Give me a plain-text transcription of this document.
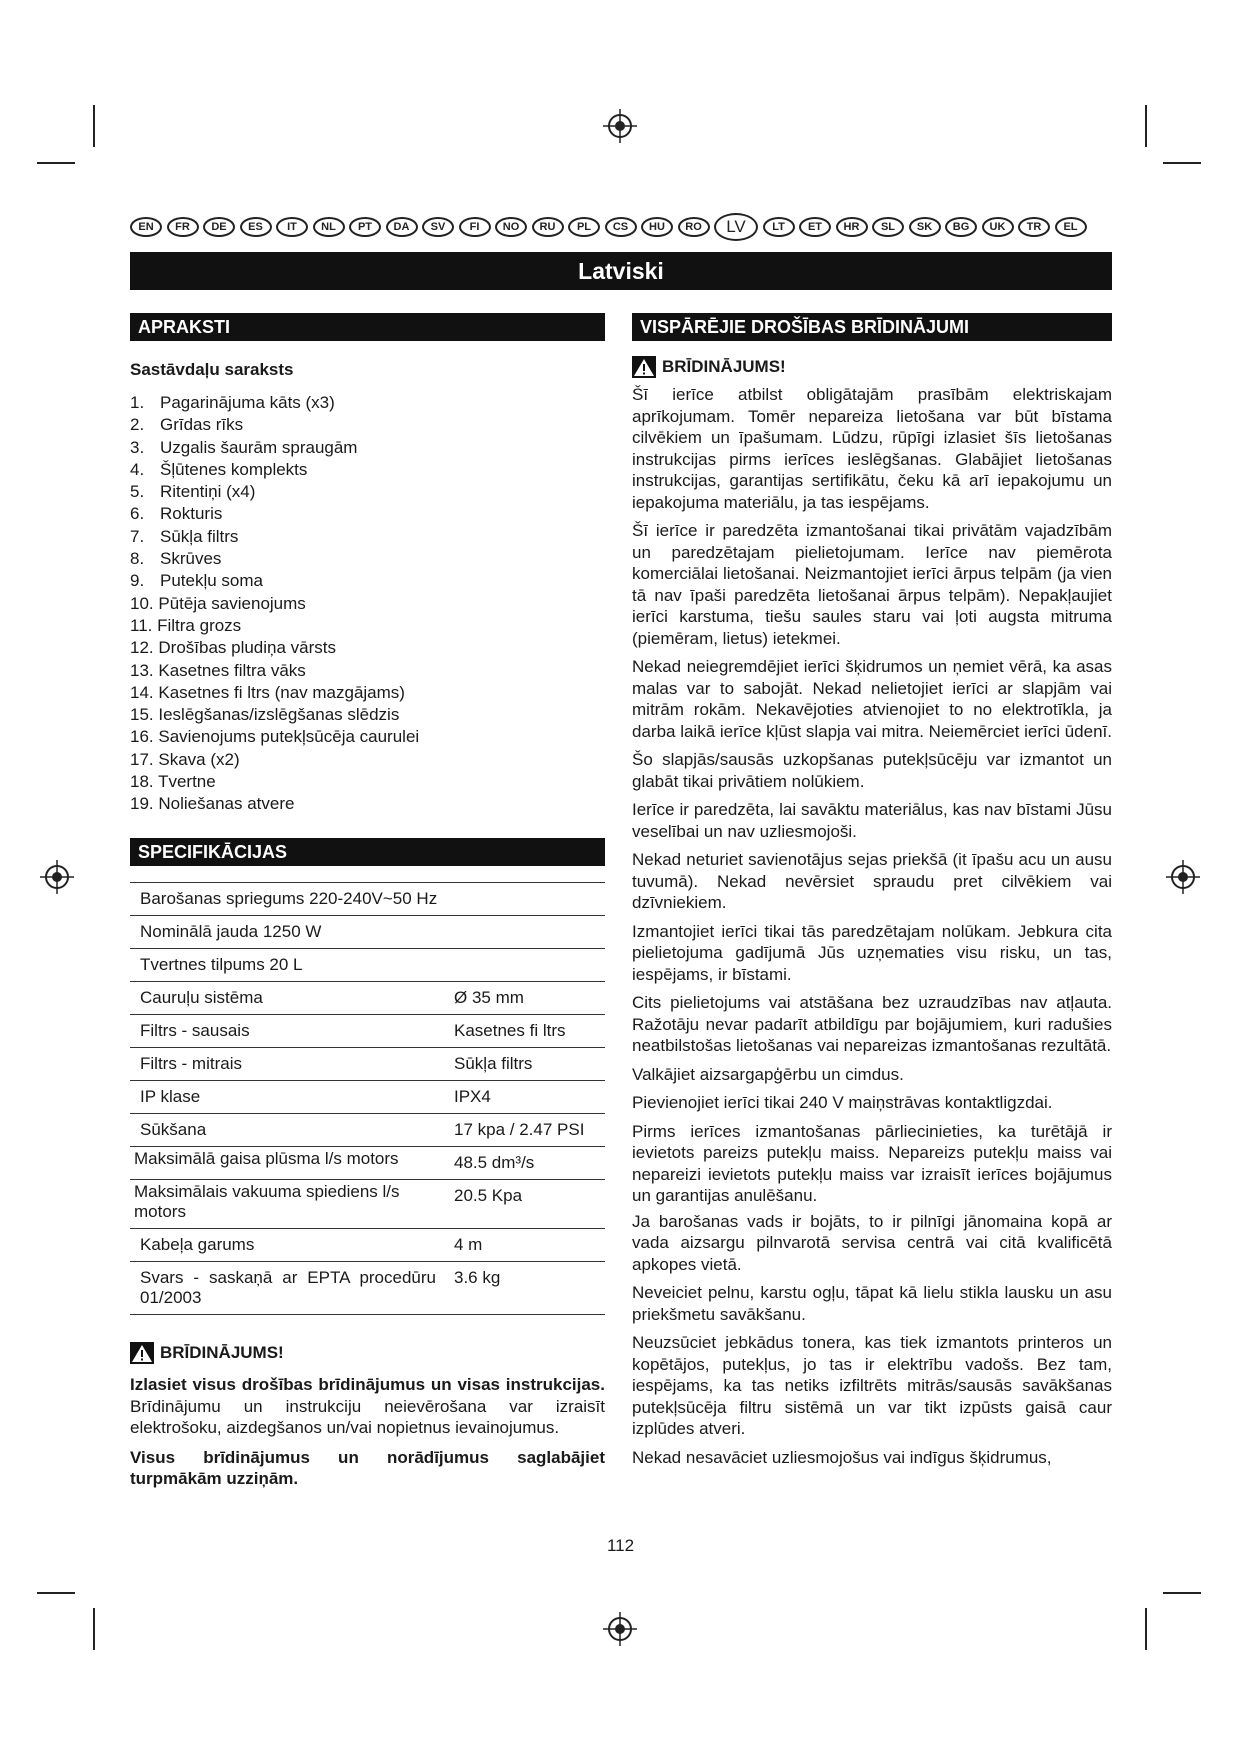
EN	FR	DE	ES	IT	NL	PT	DA	SV	FI	NO	RU	PL	CS	HU	RO	LV	LT	ET	HR	SL	SK	BG	UK	TR	EL
Latviski
APRAKSTI
Sastāvdaļu saraksts
1. Pagarinājuma kāts (x3)
2. Grīdas rīks
3. Uzgalis šaurām spraugām
4. Šļūtenes komplekts
5. Ritentiņi (x4)
6. Rokturis
7. Sūkļa filtrs
8. Skrūves
9. Putekļu soma
10. Pūtēja savienojums
11. Filtra grozs
12. Drošības pludiņa vārsts
13. Kasetnes filtra vāks
14. Kasetnes fi ltrs (nav mazgājams)
15. Ieslēgšanas/izslēgšanas slēdzis
16. Savienojums putekļsūcēja caurulei
17. Skava (x2)
18. Tvertne
19. Noliešanas atvere
SPECIFIKĀCIJAS
Barošanas spriegums 220-240V~50 Hz	
Nominālā jauda 1250 W	
Tvertnes tilpums 20 L	
Cauruļu sistēma	Ø 35 mm
Filtrs - sausais	Kasetnes fi ltrs
Filtrs - mitrais	Sūkļa filtrs
IP klase	IPX4
Sūkšana	17 kpa / 2.47 PSI
Maksimālā gaisa plūsma l/s motors	48.5 dm³/s
Maksimālais vakuuma spiediens l/s motors	20.5 Kpa
Kabeļa garums	4 m
Svars - saskaņā ar EPTA procedūru 01/2003	3.6 kg
BRĪDINĀJUMS!

Izlasiet visus drošības brīdinājumus un visas instrukcijas. Brīdinājumu un instrukciju neievērošana var izraisīt elektrošoku, aizdegšanos un/vai nopietnus ievainojumus.

Visus brīdinājumus un norādījumus saglabājiet turpmākām uzziņām.

VISPĀRĒJIE DROŠĪBAS BRĪDINĀJUMI
BRĪDINĀJUMS!

Šī ierīce atbilst obligātajām prasībām elektriskajam aprīkojumam. Tomēr nepareiza lietošana var būt bīstama cilvēkiem un īpašumam. Lūdzu, rūpīgi izlasiet šīs lietošanas instrukcijas pirms ierīces ieslēgšanas. Glabājiet lietošanas instrukcijas, garantijas sertifikātu, čeku kā arī iepakojumu un iepakojuma materiālu, ja tas iespējams.

Šī ierīce ir paredzēta izmantošanai tikai privātām vajadzībām un paredzētajam pielietojumam. Ierīce nav piemērota komerciālai lietošanai. Neizmantojiet ierīci ārpus telpām (ja vien tā nav īpaši paredzēta lietošanai ārpus telpām). Nepakļaujiet ierīci karstuma, tiešu saules staru vai ļoti augsta mitruma (piemēram, lietus) ietekmei.

Nekad neiegremdējiet ierīci šķidrumos un ņemiet vērā, ka asas malas var to sabojāt. Nekad nelietojiet ierīci ar slapjām vai mitrām rokām. Nekavējoties atvienojiet to no elektrotīkla, ja darba laikā ierīce kļūst slapja vai mitra. Neiemērciet ierīci ūdenī.

Šo slapjās/sausās uzkopšanas putekļsūcēju var izmantot un glabāt tikai privātiem nolūkiem.

Ierīce ir paredzēta, lai savāktu materiālus, kas nav bīstami Jūsu veselībai un nav uzliesmojoši.

Nekad neturiet savienotājus sejas priekšā (it īpašu acu un ausu tuvumā). Nekad nevērsiet spraudu pret cilvēkiem vai dzīvniekiem.

Izmantojiet ierīci tikai tās paredzētajam nolūkam. Jebkura cita pielietojuma gadījumā Jūs uzņematies visu risku, un tas, iespējams, ir bīstami.

Cits pielietojums vai atstāšana bez uzraudzības nav atļauta. Ražotāju nevar padarīt atbildīgu par bojājumiem, kuri radušies neatbilstošas lietošanas vai nepareizas izmantošanas rezultātā.

Valkājiet aizsargapģērbu un cimdus.

Pievienojiet ierīci tikai 240 V maiņstrāvas kontaktligzdai.

Pirms ierīces izmantošanas pārliecinieties, ka turētājā ir ievietots pareizs putekļu maiss. Nepareizs putekļu maiss vai nepareizi ievietots putekļu maiss var izraisīt ierīces bojājumus un garantijas anulēšanu.

Ja barošanas vads ir bojāts, to ir pilnīgi jānomaina kopā ar vada aizsargu pilnvarotā servisa centrā vai citā kvalificētā apkopes vietā.

Neveiciet pelnu, karstu ogļu, tāpat kā lielu stikla lausku un asu priekšmetu savākšanu.

Neuzsūciet jebkādus tonera, kas tiek izmantots printeros un kopētājos, putekļus, jo tas ir elektrību vadošs. Bez tam, iespējams, ka tas netiks izfiltrēts mitrās/sausās savākšanas putekļsūcēja filtru sistēmā un var tikt izpūsts gaisā caur izplūdes atveri.

Nekad nesavāciet uzliesmojošus vai indīgus šķidrumus,

112
